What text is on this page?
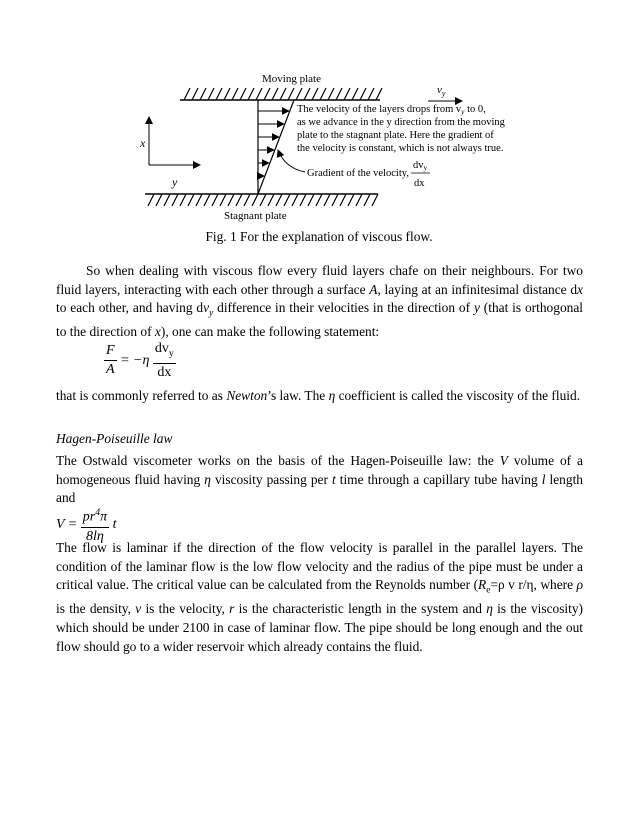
Moving plate
Stagnant plate
$v_y$
x
y
The velocity of the layers drops from vy to 0,
as we advance in the y direction from the moving
plate to the stagnant plate. Here the gradient of
the velocity is constant, which is not always true.
Gradient of the velocity,
dvy
dx
Fig. 1 For the explanation of viscous flow.

So when dealing with viscous flow every fluid layers chafe on their neighbours. For two fluid layers, interacting with each other through a surface A, laying at an infinitesimal distance dx to each other, and having $dv_y$ difference in their velocities in the direction of y (that is orthogonal to the direction of x), one can make the following statement:

$\frac{F}{A} = -\eta \frac{dv_y}{dx}$

that is commonly referred to as Newton’s law. The η coefficient is called the viscosity of the fluid.

Hagen-Poiseuille law

The Ostwald viscometer works on the basis of the Hagen-Poiseuille law: the V volume of a homogeneous fluid having η viscosity passing per t time through a capillary tube having l length and

$V = \frac{pr^4\pi}{8l\eta}$ t

The flow is laminar if the direction of the flow velocity is parallel in the parallel layers. The condition of the laminar flow is the low flow velocity and the radius of the pipe must be under a critical value. The critical value can be calculated from the Reynolds number ($R_e=\rho$ v r/η, where ρ is the density, v is the velocity, r is the characteristic length in the system and η is the viscosity) which should be under 2100 in case of laminar flow. The pipe should be long enough and the out flow should go to a wider reservoir which already contains the fluid.
